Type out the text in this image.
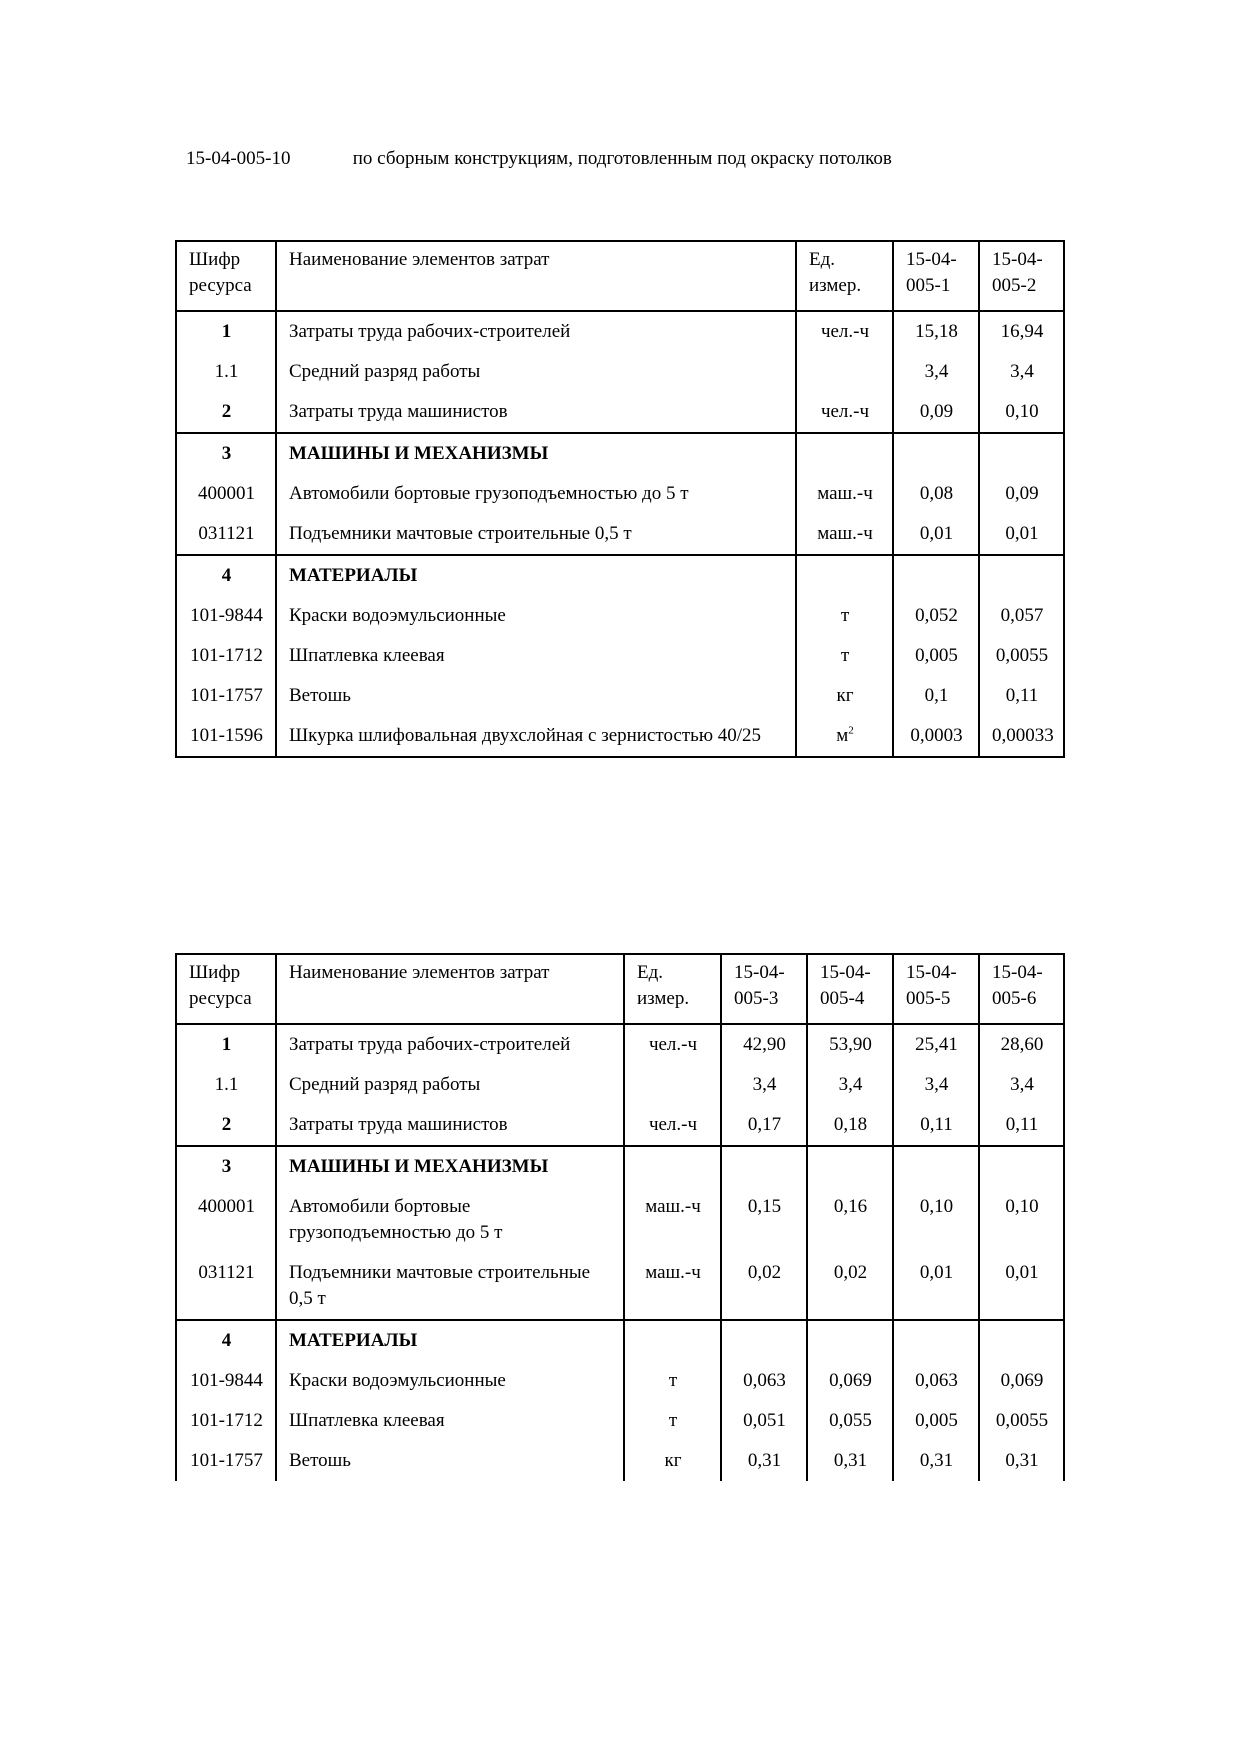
15-04-005-10	по сборным конструкциям, подготовленным под окраску потолков
Шифр ресурса	Наименование элементов затрат	Ед. измер.	15-04-005-1	15-04-005-2
1	Затраты труда рабочих-строителей	чел.-ч	15,18	16,94
1.1	Средний разряд работы		3,4	3,4
2	Затраты труда машинистов	чел.-ч	0,09	0,10
3	МАШИНЫ И МЕХАНИЗМЫ			
400001	Автомобили бортовые грузоподъемностью до 5 т	маш.-ч	0,08	0,09
031121	Подъемники мачтовые строительные 0,5 т	маш.-ч	0,01	0,01
4	МАТЕРИАЛЫ			
101-9844	Краски водоэмульсионные	т	0,052	0,057
101-1712	Шпатлевка клеевая	т	0,005	0,0055
101-1757	Ветошь	кг	0,1	0,11
101-1596	Шкурка шлифовальная двухслойная с зернистостью 40/25	$м^2$	0,0003	0,00033
Шифр ресурса	Наименование элементов затрат	Ед. измер.	15-04-005-3	15-04-005-4	15-04-005-5	15-04-005-6
1	Затраты труда рабочих-строителей	чел.-ч	42,90	53,90	25,41	28,60
1.1	Средний разряд работы		3,4	3,4	3,4	3,4
2	Затраты труда машинистов	чел.-ч	0,17	0,18	0,11	0,11
3	МАШИНЫ И МЕХАНИЗМЫ					
400001	Автомобили бортовые грузоподъемностью до 5 т	маш.-ч	0,15	0,16	0,10	0,10
031121	Подъемники мачтовые строительные 0,5 т	маш.-ч	0,02	0,02	0,01	0,01
4	МАТЕРИАЛЫ					
101-9844	Краски водоэмульсионные	т	0,063	0,069	0,063	0,069
101-1712	Шпатлевка клеевая	т	0,051	0,055	0,005	0,0055
101-1757	Ветошь	кг	0,31	0,31	0,31	0,31
